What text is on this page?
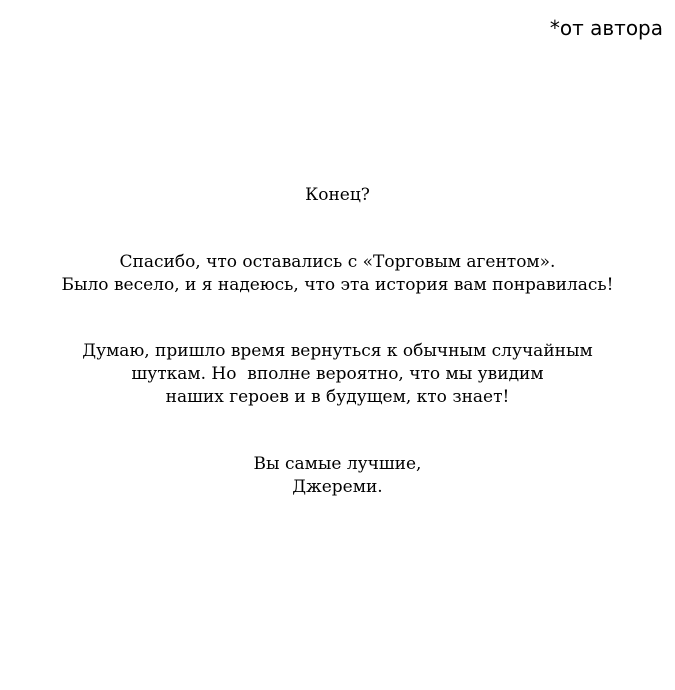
*от автора

Конец?

Спасибо, что оставались с «Торговым агентом».
Было весело, и я надеюсь, что эта история вам понравилась!

Думаю, пришло время вернуться к обычным случайным
шуткам. Но  вполне вероятно, что мы увидим
наших героев и в будущем, кто знает!

Вы самые лучшие,
Джереми.
